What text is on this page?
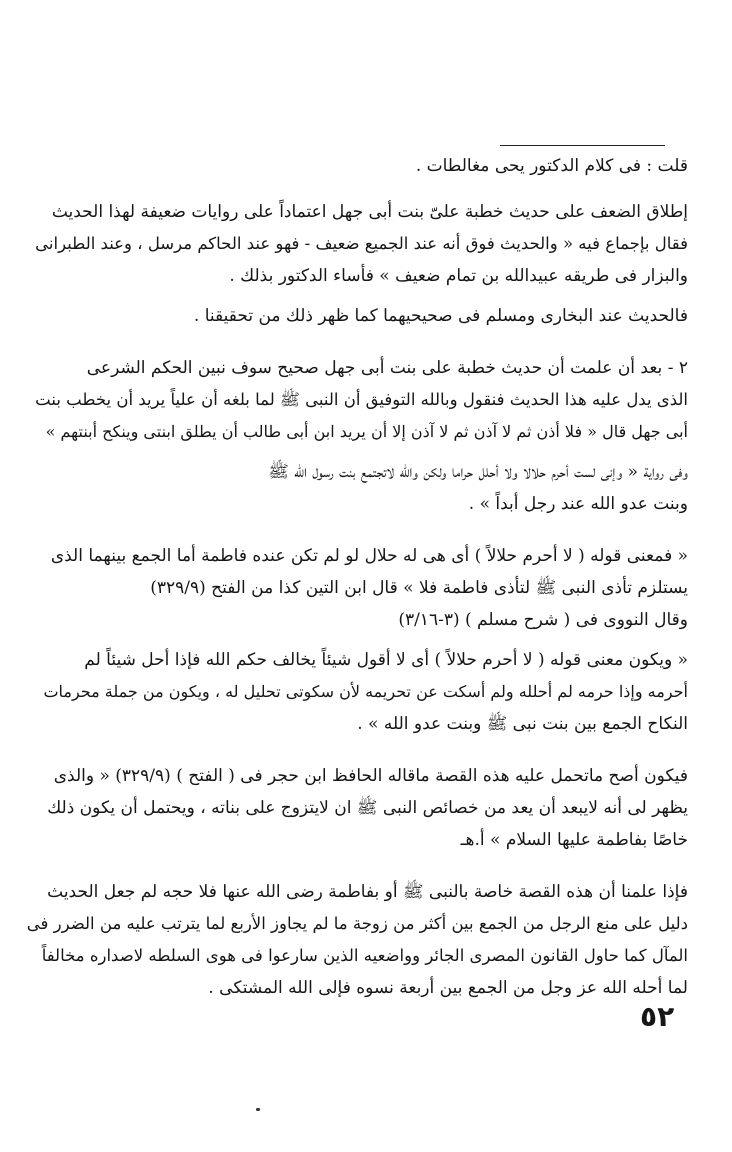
قلت : فى كلام الدكتور يحى مغالطات .
إطلاق الضعف على حديث خطبة علىّ بنت أبى جهل اعتماداً على روايات ضعيفة لهذا الحديث
فقال بإجماع فيه « والحديث فوق أنه عند الجميع ضعيف - فهو عند الحاكم مرسل ، وعند الطبرانى
والبزار فى طريقه عبيدالله بن تمام ضعيف » فأساء الدكتور بذلك .
فالحديث عند البخارى ومسلم فى صحيحيهما كما ظهر ذلك من تحقيقنا .
٢ - بعد أن علمت أن حديث خطبة على بنت أبى جهل صحيح سوف نبين الحكم الشرعى
الذى يدل عليه هذا الحديث فنقول وبالله التوفيق أن النبى ﷺ لما بلغه أن علياً يريد أن يخطب بنت
أبى جهل قال « فلا أذن ثم لا آذن ثم لا آذن إلا أن يريد ابن أبى طالب أن يطلق ابنتى وينكح أبنتهم »
وفى رواية « وإنى لست أحرم حلالا ولا أحلل حراما ولكن والله لاتجتمع بنت رسول الله ﷺ
وبنت عدو الله عند رجل أبداً » .
« فمعنى قوله ( لا أحرم حلالاً ) أى هى له حلال لو لم تكن عنده فاطمة أما الجمع بينهما الذى
يستلزم تأذى النبى ﷺ لتأذى فاطمة فلا » قال ابن التين كذا من الفتح (٣٢٩/٩)
وقال النووى فى ( شرح مسلم ) (٣-٣/١٦)
« ويكون معنى قوله ( لا أحرم حلالاً ) أى لا أقول شيئاً يخالف حكم الله فإذا أحل شيئاً لم
أحرمه وإذا حرمه لم أحلله ولم أسكت عن تحريمه لأن سكوتى تحليل له ، ويكون من جملة محرمات
النكاح الجمع بين بنت نبى ﷺ وبنت عدو الله » .
فيكون أصح ماتحمل عليه هذه القصة ماقاله الحافظ ابن حجر فى ( الفتح ) (٣٢٩/٩) « والذى
يظهر لى أنه لايبعد أن يعد من خصائص النبى ﷺ ان لايتزوج على بناته ، ويحتمل أن يكون ذلك
خاصًا بفاطمة عليها السلام » أ.هـ
فإذا علمنا أن هذه القصة خاصة بالنبى ﷺ أو بفاطمة رضى الله عنها فلا حجه لم جعل الحديث
دليل على منع الرجل من الجمع بين أكثر من زوجة ما لم يجاوز الأربع لما يترتب عليه من الضرر فى
المآل كما حاول القانون المصرى الجائر وواضعيه الذين سارعوا فى هوى السلطه لاصداره مخالفاً
لما أحله الله عز وجل من الجمع بين أربعة نسوه فإلى الله المشتكى .
٥٢
